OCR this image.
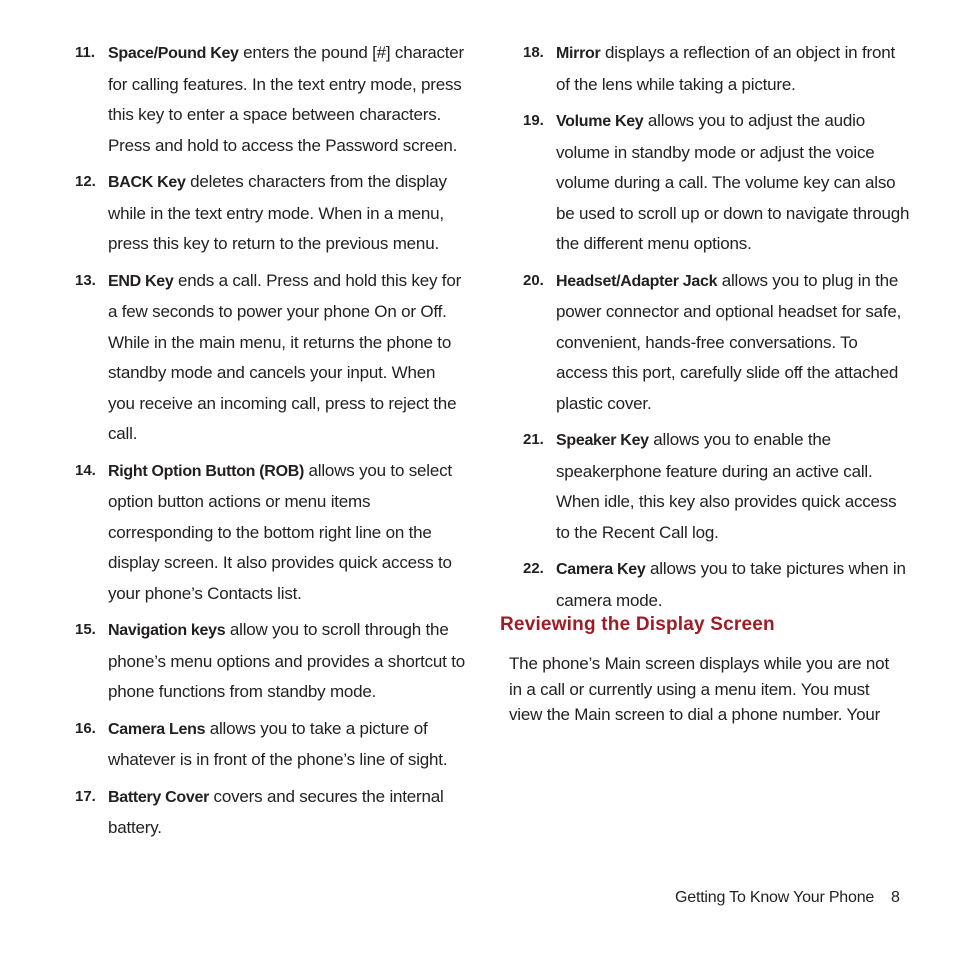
11. Space/Pound Key enters the pound [#] character for calling features. In the text entry mode, press this key to enter a space between characters. Press and hold to access the Password screen.
12. BACK Key deletes characters from the display while in the text entry mode. When in a menu, press this key to return to the previous menu.
13. END Key ends a call. Press and hold this key for a few seconds to power your phone On or Off. While in the main menu, it returns the phone to standby mode and cancels your input. When you receive an incoming call, press to reject the call.
14. Right Option Button (ROB) allows you to select option button actions or menu items corresponding to the bottom right line on the display screen. It also provides quick access to your phone’s Contacts list.
15. Navigation keys allow you to scroll through the phone’s menu options and provides a shortcut to phone functions from standby mode.
16. Camera Lens allows you to take a picture of whatever is in front of the phone’s line of sight.
17. Battery Cover covers and secures the internal battery.
18. Mirror displays a reflection of an object in front of the lens while taking a picture.
19. Volume Key allows you to adjust the audio volume in standby mode or adjust the voice volume during a call. The volume key can also be used to scroll up or down to navigate through the different menu options.
20. Headset/Adapter Jack allows you to plug in the power connector and optional headset for safe, convenient, hands-free conversations. To access this port, carefully slide off the attached plastic cover.
21. Speaker Key allows you to enable the speakerphone feature during an active call. When idle, this key also provides quick access to the Recent Call log.
22. Camera Key allows you to take pictures when in camera mode.
Reviewing the Display Screen

The phone’s Main screen displays while you are not in a call or currently using a menu item. You must view the Main screen to dial a phone number. Your

Getting To Know Your Phone 8
